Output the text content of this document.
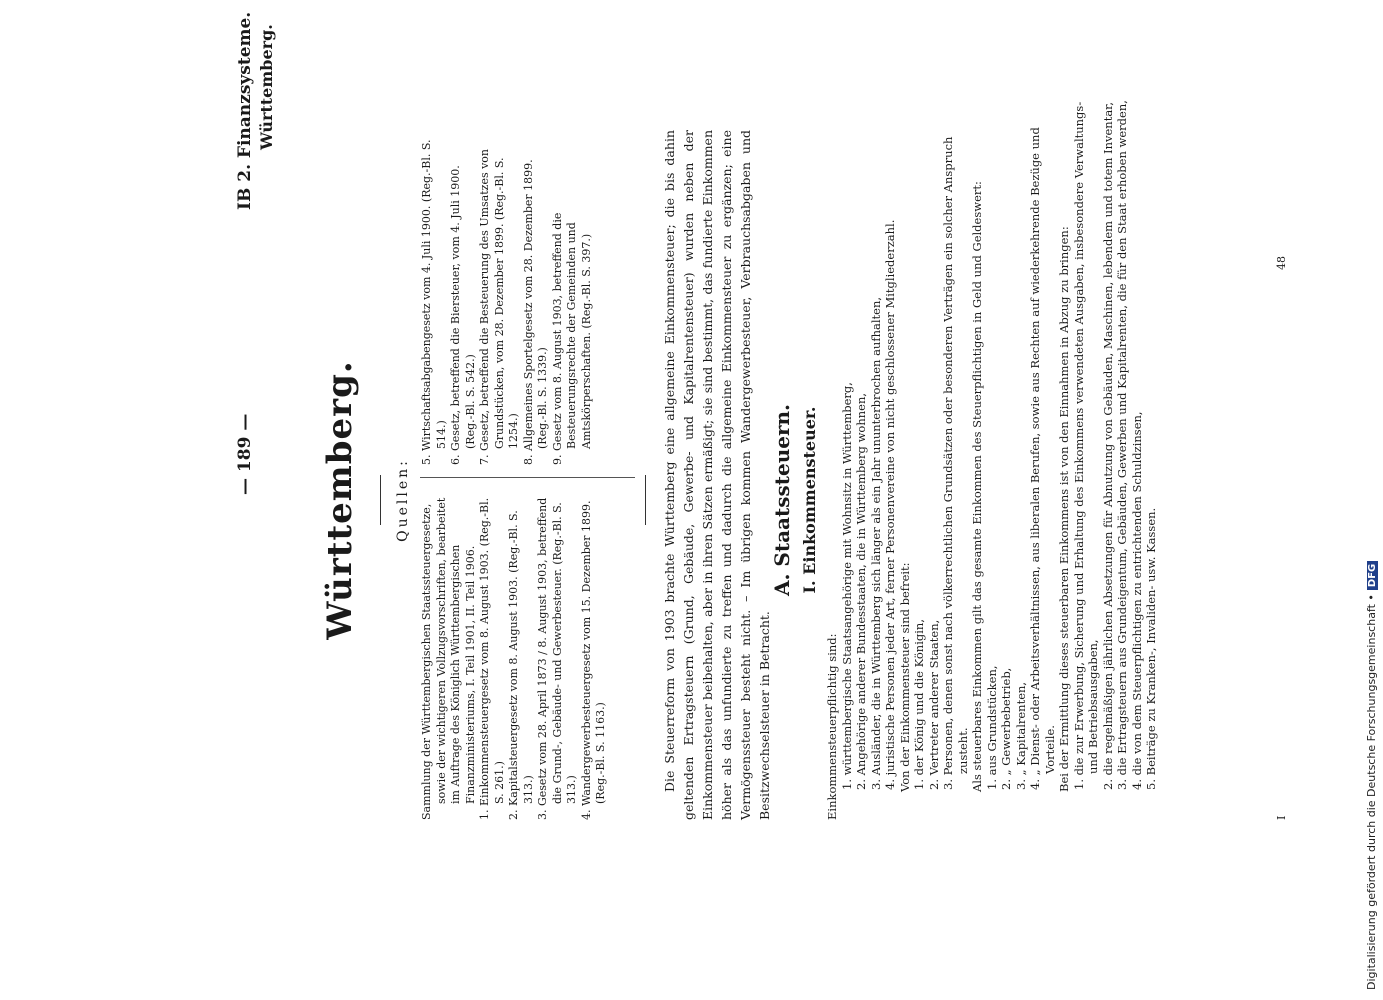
— 189 —
IB 2. Finanzsysteme. Württemberg.
Württemberg.	Quellen:

Sammlung der Württembergischen Staatssteuergesetze, sowie der wichtigeren Vollzugsvorschriften, bearbeitet im Auftrage des Königlich Württembergischen Finanzministeriums, I. Teil 1901, II. Teil 1906. 1. Einkommensteuergesetz vom 8. August 1903. (Reg.-Bl. S. 261.) 2. Kapitalsteuergesetz vom 8. August 1903. (Reg.-Bl. S. 313.) 3. Gesetz vom 28. April 1873 / 8. August 1903, betreffend die Grund-, Gebäude- und Gewerbesteuer. (Reg.-Bl. S. 313.) 4. Wandergewerbesteuergesetz vom 15. Dezember 1899. (Reg.-Bl. S. 1163.)

5. Wirtschaftsabgabengesetz vom 4. Juli 1900. (Reg.-Bl. S. 514.) 6. Gesetz, betreffend die Biersteuer, vom 4. Juli 1900. (Reg.-Bl. S. 542.) 7. Gesetz, betreffend die Besteuerung des Umsatzes von Grundstücken, vom 28. Dezember 1899. (Reg.-Bl. S. 1254.) 8. Allgemeines Sportelgesetz vom 28. Dezember 1899. (Reg.-Bl. S. 1339.) 9. Gesetz vom 8. August 1903, betreffend die Besteuerungsrechte der Gemeinden und Amtskörperschaften. (Reg.-Bl. S. 397.)	Die Steuerreform von 1903 brachte Württemberg eine allgemeine Einkommensteuer; die bis dahin geltenden Ertragsteuern (Grund, Gebäude, Gewerbe- und Kapitalrentensteuer) wurden neben der Einkommensteuer beibehalten, aber in ihren Sätzen ermäßigt; sie sind bestimmt, das fundierte Einkommen höher als das unfundierte zu treffen und dadurch die allgemeine Einkommensteuer zu ergänzen; eine Vermögenssteuer besteht nicht. – Im übrigen kommen Wandergewerbesteuer, Verbrauchsabgaben und Besitzwechselsteuer in Betracht.
A. Staatssteuern. I. Einkommensteuer.

Einkommensteuerpflichtig sind: 1. württembergische Staatsangehörige mit Wohnsitz in Württemberg, 2. Angehörige anderer Bundesstaaten, die in Württemberg wohnen, 3. Ausländer, die in Württemberg sich länger als ein Jahr ununterbrochen aufhalten, 4. juristische Personen jeder Art, ferner Personenvereine von nicht geschlossener Mitgliederzahl. Von der Einkommensteuer sind befreit: 1. der König und die Königin, 2. Vertreter anderer Staaten, 3. Personen, denen sonst nach völkerrechtlichen Grundsätzen oder besonderen Verträgen ein solcher Anspruch zusteht. Als steuerbares Einkommen gilt das gesamte Einkommen des Steuerpflichtigen in Geld und Geldeswert: 1. aus Grundstücken, 2. „ Gewerbebetrieb, 3. „ Kapitalrenten, 4. „ Dienst- oder Arbeitsverhältnissen, aus liberalen Berufen, sowie aus Rechten auf wiederkehrende Bezüge und Vorteile. Bei der Ermittlung dieses steuerbaren Einkommens ist von den Einnahmen in Abzug zu bringen: 1. die zur Erwerbung, Sicherung und Erhaltung des Einkommens verwendeten Ausgaben, insbesondere Verwaltungs- und Betriebsausgaben, 2. die regelmäßigen jährlichen Absetzungen für Abnutzung von Gebäuden, Maschinen, lebendem und totem Inventar, 3. die Ertragsteuern aus Grundeigentum, Gebäuden, Gewerben und Kapitalrenten, die für den Staat erhoben werden, 4. die von dem Steuerpflichtigen zu entrichtenden Schuldzinsen, 5. Beiträge zu Kranken-, Invaliden- usw. Kassen.

I
48
Digitalisierung gefördert durch die Deutsche Forschungsgemeinschaft •DFG
